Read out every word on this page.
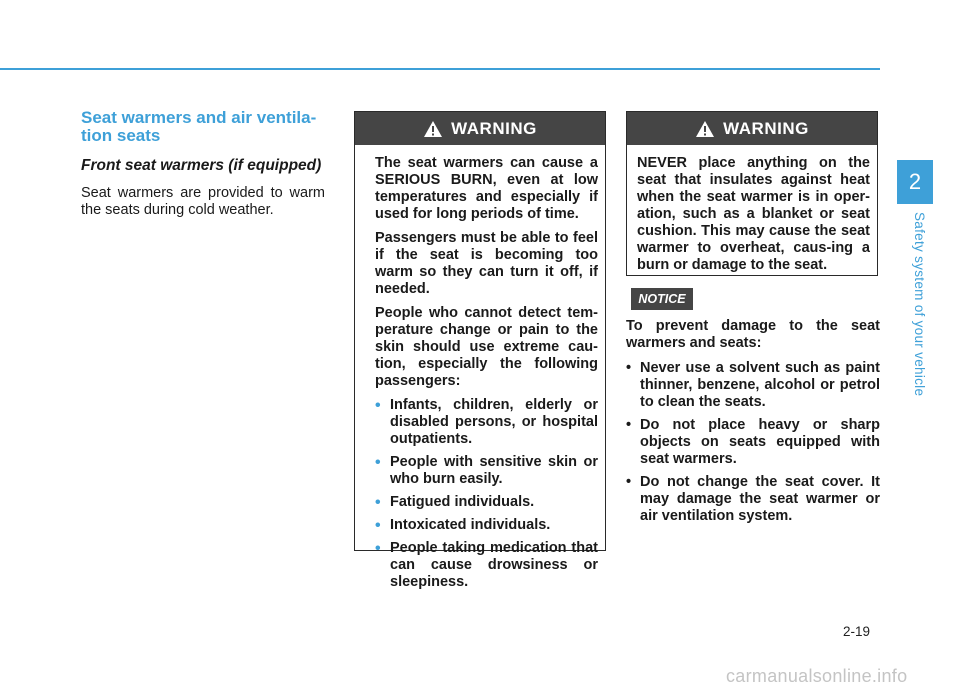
Seat warmers and air ventila-
tion seats
Front seat warmers (if equipped)

Seat warmers are provided to warm the seats during cold weather.

WARNING

The seat warmers can cause a SERIOUS BURN, even at low temperatures and especially if used for long periods of time.

Passengers must be able to feel if the seat is becoming too warm so they can turn it off, if needed.

People who cannot detect tem-perature change or pain to the skin should use extreme cau-tion, especially the following passengers:

• Infants, children, elderly or disabled persons, or hospital outpatients.
• People with sensitive skin or who burn easily.
• Fatigued individuals.
• Intoxicated individuals.
• People taking medication that can cause drowsiness or sleepiness.
WARNING

NEVER place anything on the seat that insulates against heat when the seat warmer is in oper-ation, such as a blanket or seat cushion. This may cause the seat warmer to overheat, caus-ing a burn or damage to the seat.

NOTICE

To prevent damage to the seat warmers and seats:

• Never use a solvent such as paint thinner, benzene, alcohol or petrol to clean the seats.
• Do not place heavy or sharp objects on seats equipped with seat warmers.
• Do not change the seat cover. It may damage the seat warmer or air ventilation system.
2
Safety system of your vehicle
2-19
carmanualsonline.info
